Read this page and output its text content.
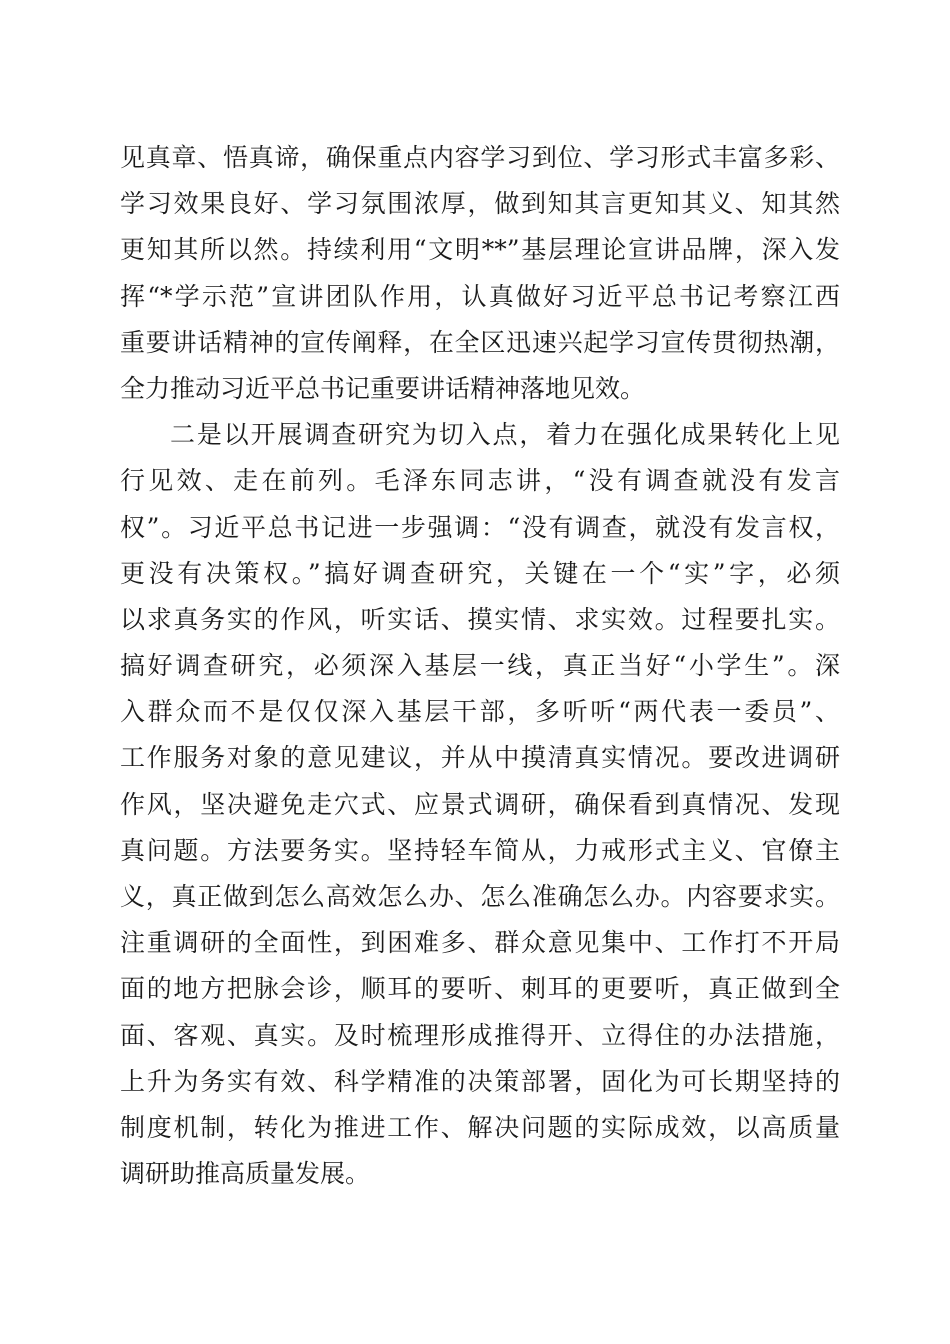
见真章、悟真谛，确保重点内容学习到位、学习形式丰富多彩、
学习效果良好、学习氛围浓厚，做到知其言更知其义、知其然
更知其所以然。持续利用“文明**”基层理论宣讲品牌，深入发
挥“*学示范”宣讲团队作用，认真做好习近平总书记考察江西
重要讲话精神的宣传阐释，在全区迅速兴起学习宣传贯彻热潮，
全力推动习近平总书记重要讲话精神落地见效。
二是以开展调查研究为切入点，着力在强化成果转化上见
行见效、走在前列。毛泽东同志讲，“没有调查就没有发言
权”。习近平总书记进一步强调：“没有调查，就没有发言权，
更没有决策权。”搞好调查研究，关键在一个“实”字，必须
以求真务实的作风，听实话、摸实情、求实效。过程要扎实。
搞好调查研究，必须深入基层一线，真正当好“小学生”。深
入群众而不是仅仅深入基层干部，多听听“两代表一委员”、
工作服务对象的意见建议，并从中摸清真实情况。要改进调研
作风，坚决避免走穴式、应景式调研，确保看到真情况、发现
真问题。方法要务实。坚持轻车简从，力戒形式主义、官僚主
义，真正做到怎么高效怎么办、怎么准确怎么办。内容要求实。
注重调研的全面性，到困难多、群众意见集中、工作打不开局
面的地方把脉会诊，顺耳的要听、刺耳的更要听，真正做到全
面、客观、真实。及时梳理形成推得开、立得住的办法措施，
上升为务实有效、科学精准的决策部署，固化为可长期坚持的
制度机制，转化为推进工作、解决问题的实际成效，以高质量
调研助推高质量发展。
